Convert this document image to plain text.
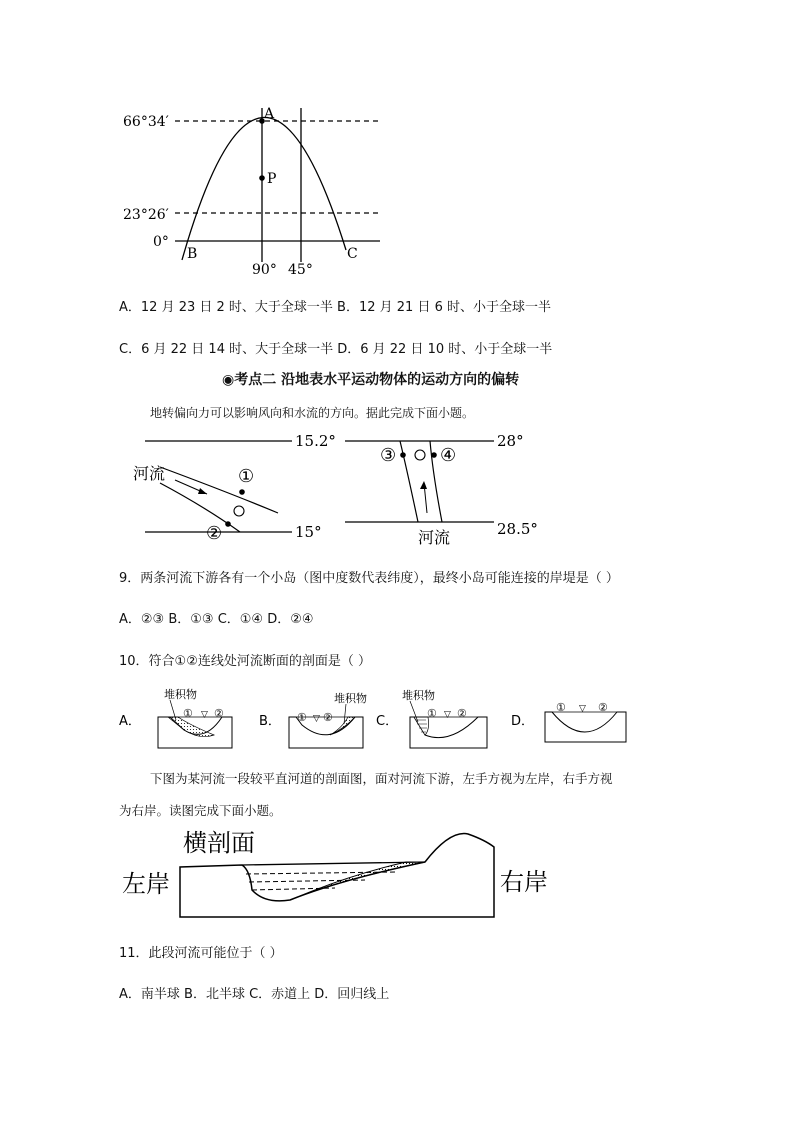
66°34′
23°26′
0°
A
P
B	C
90° 45°
A．12 月 23 日 2 时、大于全球一半 B．12 月 21 日 6 时、小于全球一半
C．6 月 22 日 14 时、大于全球一半 D．6 月 22 日 10 时、小于全球一半
◉考点二 沿地表水平运动物体的运动方向的偏转
地转偏向力可以影响风向和水流的方向。据此完成下面小题。
15.2°
15°
河流	①
②
28°
28.5°
河流
③ ④
9．两条河流下游各有一个小岛（图中度数代表纬度），最终小岛可能连接的岸堤是（ ）
A．②③ B．①③ C．①④ D．②④
10．符合①②连线处河流断面的剖面是（ ）
A．
堆积物
① ▽ ②
B．
堆积物
① ▽ ②	C．
堆积物
① ▽ ②
D．
① ▽ ②
下图为某河流一段较平直河道的剖面图，面对河流下游，左手方视为左岸，右手方视
为右岸。读图完成下面小题。
横剖面
左岸	右岸
11．此段河流可能位于（ ）
A．南半球 B．北半球 C．赤道上 D．回归线上
